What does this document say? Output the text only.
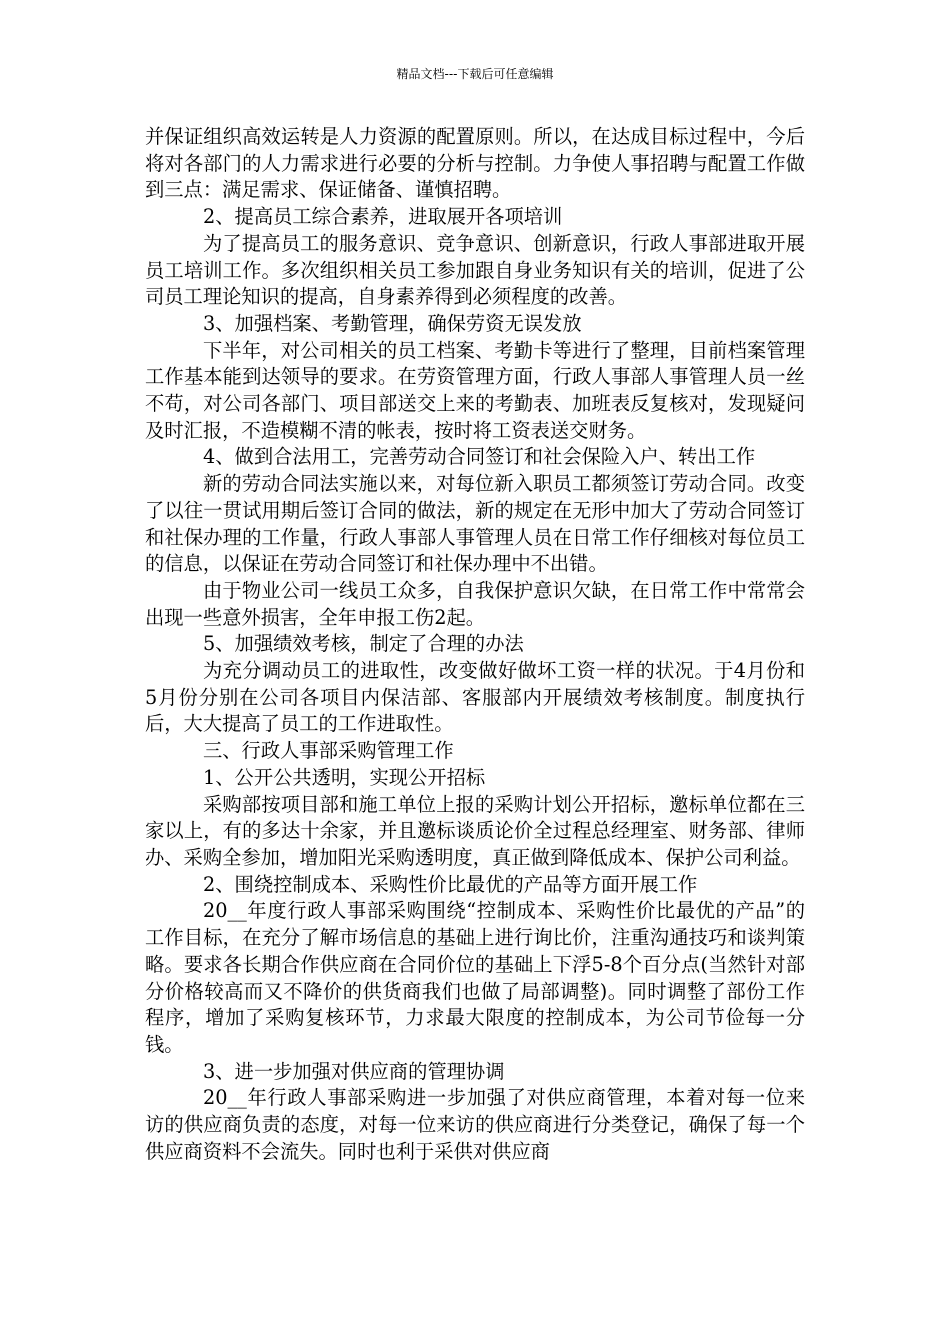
精品文档---下载后可任意编辑

并保证组织高效运转是人力资源的配置原则。所以，在达成目标过程中，今后将对各部门的人力需求进行必要的分析与控制。力争使人事招聘与配置工作做到三点：满足需求、保证储备、谨慎招聘。

2、提高员工综合素养，进取展开各项培训

为了提高员工的服务意识、竞争意识、创新意识，行政人事部进取开展员工培训工作。多次组织相关员工参加跟自身业务知识有关的培训，促进了公司员工理论知识的提高，自身素养得到必须程度的改善。

3、加强档案、考勤管理，确保劳资无误发放

下半年，对公司相关的员工档案、考勤卡等进行了整理，目前档案管理工作基本能到达领导的要求。在劳资管理方面，行政人事部人事管理人员一丝不苟，对公司各部门、项目部送交上来的考勤表、加班表反复核对，发现疑问及时汇报，不造模糊不清的帐表，按时将工资表送交财务。

4、做到合法用工，完善劳动合同签订和社会保险入户、转出工作

新的劳动合同法实施以来，对每位新入职员工都须签订劳动合同。改变了以往一贯试用期后签订合同的做法，新的规定在无形中加大了劳动合同签订和社保办理的工作量，行政人事部人事管理人员在日常工作仔细核对每位员工的信息，以保证在劳动合同签订和社保办理中不出错。

由于物业公司一线员工众多，自我保护意识欠缺，在日常工作中常常会出现一些意外损害，全年申报工伤2起。

5、加强绩效考核，制定了合理的办法

为充分调动员工的进取性，改变做好做坏工资一样的状况。于4月份和5月份分别在公司各项目内保洁部、客服部内开展绩效考核制度。制度执行后，大大提高了员工的工作进取性。

三、行政人事部采购管理工作

1、公开公共透明，实现公开招标

采购部按项目部和施工单位上报的采购计划公开招标，邀标单位都在三家以上，有的多达十余家，并且邀标谈质论价全过程总经理室、财务部、律师办、采购全参加，增加阳光采购透明度，真正做到降低成本、保护公司利益。

2、围绕控制成本、采购性价比最优的产品等方面开展工作

20__年度行政人事部采购围绕“控制成本、采购性价比最优的产品”的工作目标，在充分了解市场信息的基础上进行询比价，注重沟通技巧和谈判策略。要求各长期合作供应商在合同价位的基础上下浮5-8个百分点(当然针对部分价格较高而又不降价的供货商我们也做了局部调整)。同时调整了部份工作程序，增加了采购复核环节，力求最大限度的控制成本，为公司节俭每一分钱。

3、进一步加强对供应商的管理协调

20__年行政人事部采购进一步加强了对供应商管理，本着对每一位来访的供应商负责的态度，对每一位来访的供应商进行分类登记，确保了每一个供应商资料不会流失。同时也利于采供对供应商
